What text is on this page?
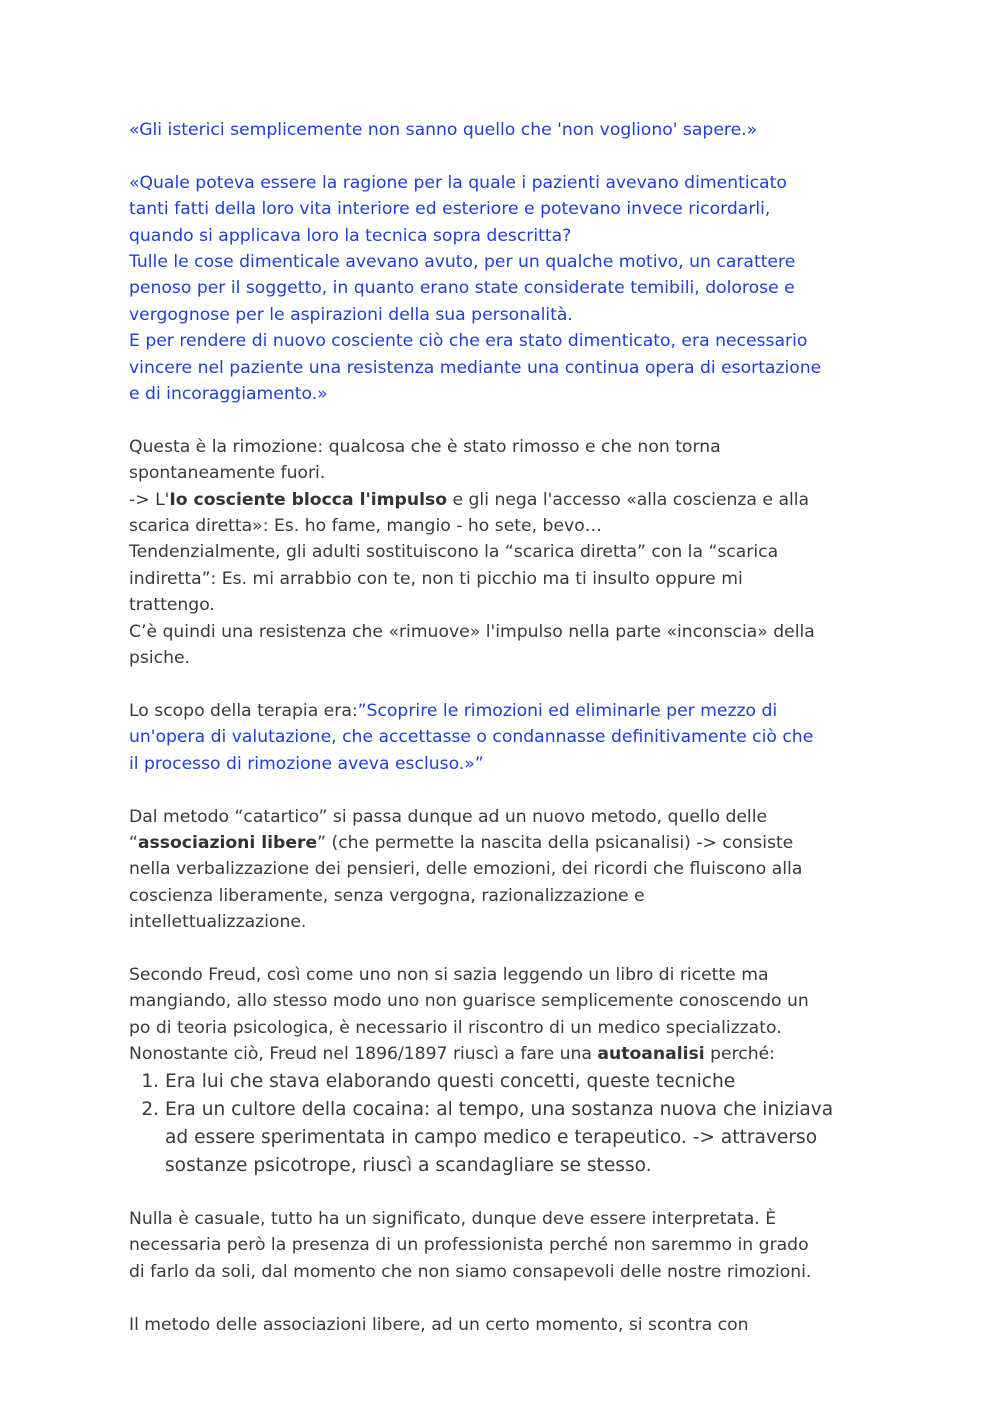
«Gli isterici semplicemente non sanno quello che 'non vogliono' sapere.»

«Quale poteva essere la ragione per la quale i pazienti avevano dimenticato

tanti fatti della loro vita interiore ed esteriore e potevano invece ricordarli,

quando si applicava loro la tecnica sopra descritta?

Tulle le cose dimenticale avevano avuto, per un qualche motivo, un carattere

penoso per il soggetto, in quanto erano state considerate temibili, dolorose e

vergognose per le aspirazioni della sua personalità.

E per rendere di nuovo cosciente ciò che era stato dimenticato, era necessario

vincere nel paziente una resistenza mediante una continua opera di esortazione

e di incoraggiamento.»

Questa è la rimozione: qualcosa che è stato rimosso e che non torna

spontaneamente fuori.

-> L'Io cosciente blocca l'impulso e gli nega l'accesso «alla coscienza e alla

scarica diretta»: Es. ho fame, mangio - ho sete, bevo…

Tendenzialmente, gli adulti sostituiscono la “scarica diretta” con la “scarica

indiretta”: Es. mi arrabbio con te, non ti picchio ma ti insulto oppure mi

trattengo.

C’è quindi una resistenza che «rimuove» l'impulso nella parte «inconscia» della

psiche.

Lo scopo della terapia era:”Scoprire le rimozioni ed eliminarle per mezzo di

un'opera di valutazione, che accettasse o condannasse definitivamente ciò che

il processo di rimozione aveva escluso.»”

Dal metodo “catartico” si passa dunque ad un nuovo metodo, quello delle

“associazioni libere” (che permette la nascita della psicanalisi) -> consiste

nella verbalizzazione dei pensieri, delle emozioni, dei ricordi che fluiscono alla

coscienza liberamente, senza vergogna, razionalizzazione e

intellettualizzazione.

Secondo Freud, così come uno non si sazia leggendo un libro di ricette ma

mangiando, allo stesso modo uno non guarisce semplicemente conoscendo un

po di teoria psicologica, è necessario il riscontro di un medico specializzato.

Nonostante ciò, Freud nel 1896/1897 riuscì a fare una autoanalisi perché:

1. Era lui che stava elaborando questi concetti, queste tecniche
2. Era un cultore della cocaina: al tempo, una sostanza nuova che iniziava
ad essere sperimentata in campo medico e terapeutico. -> attraverso
sostanze psicotrope, riuscì a scandagliare se stesso.

Nulla è casuale, tutto ha un significato, dunque deve essere interpretata. È

necessaria però la presenza di un professionista perché non saremmo in grado

di farlo da soli, dal momento che non siamo consapevoli delle nostre rimozioni.

Il metodo delle associazioni libere, ad un certo momento, si scontra con
